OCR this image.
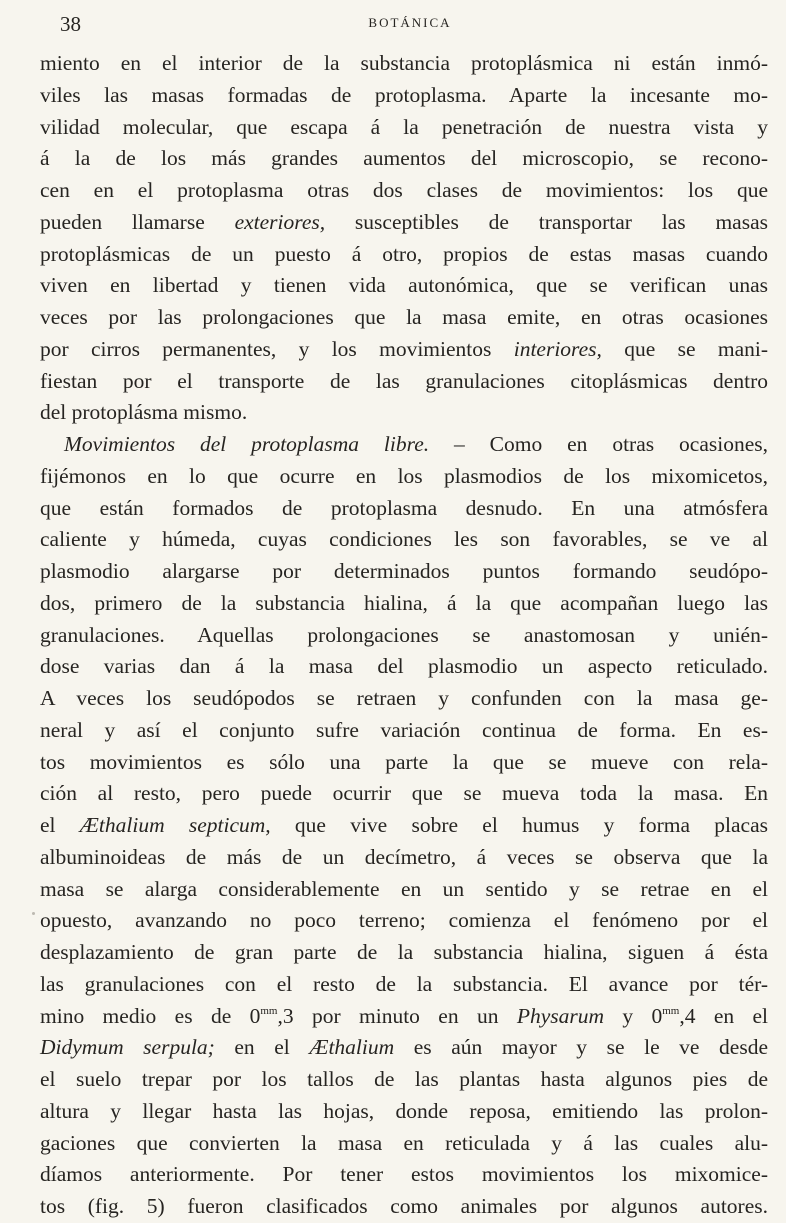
38	BOTÁNICA
miento en el interior de la substancia protoplásmica ni están inmó-
viles las masas formadas de protoplasma. Aparte la incesante mo-
vilidad molecular, que escapa á la penetración de nuestra vista y
á la de los más grandes aumentos del microscopio, se recono-
cen en el protoplasma otras dos clases de movimientos: los que
pueden llamarse exteriores, susceptibles de transportar las masas
protoplásmicas de un puesto á otro, propios de estas masas cuando
viven en libertad y tienen vida autonómica, que se verifican unas
veces por las prolongaciones que la masa emite, en otras ocasiones
por cirros permanentes, y los movimientos interiores, que se mani-
fiestan por el transporte de las granulaciones citoplásmicas dentro
del protoplásma mismo.
Movimientos del protoplasma libre. – Como en otras ocasiones,
fijémonos en lo que ocurre en los plasmodios de los mixomicetos,
que están formados de protoplasma desnudo. En una atmósfera
caliente y húmeda, cuyas condiciones les son favorables, se ve al
plasmodio alargarse por determinados puntos formando seudópo-
dos, primero de la substancia hialina, á la que acompañan luego las
granulaciones. Aquellas prolongaciones se anastomosan y unién-
dose varias dan á la masa del plasmodio un aspecto reticulado.
A veces los seudópodos se retraen y confunden con la masa ge-
neral y así el conjunto sufre variación continua de forma. En es-
tos movimientos es sólo una parte la que se mueve con rela-
ción al resto, pero puede ocurrir que se mueva toda la masa. En
el Æthalium septicum, que vive sobre el humus y forma placas
albuminoideas de más de un decímetro, á veces se observa que la
masa se alarga considerablemente en un sentido y se retrae en el
opuesto, avanzando no poco terreno; comienza el fenómeno por el
desplazamiento de gran parte de la substancia hialina, siguen á ésta
las granulaciones con el resto de la substancia. El avance por tér-
mino medio es de $0^{mm},3$ por minuto en un Physarum y $0^{mm},4$ en el
Didymum serpula; en el Æthalium es aún mayor y se le ve desde
el suelo trepar por los tallos de las plantas hasta algunos pies de
altura y llegar hasta las hojas, donde reposa, emitiendo las prolon-
gaciones que convierten la masa en reticulada y á las cuales alu-
díamos anteriormente. Por tener estos movimientos los mixomice-
tos (fig. 5) fueron clasificados como animales por algunos autores.
